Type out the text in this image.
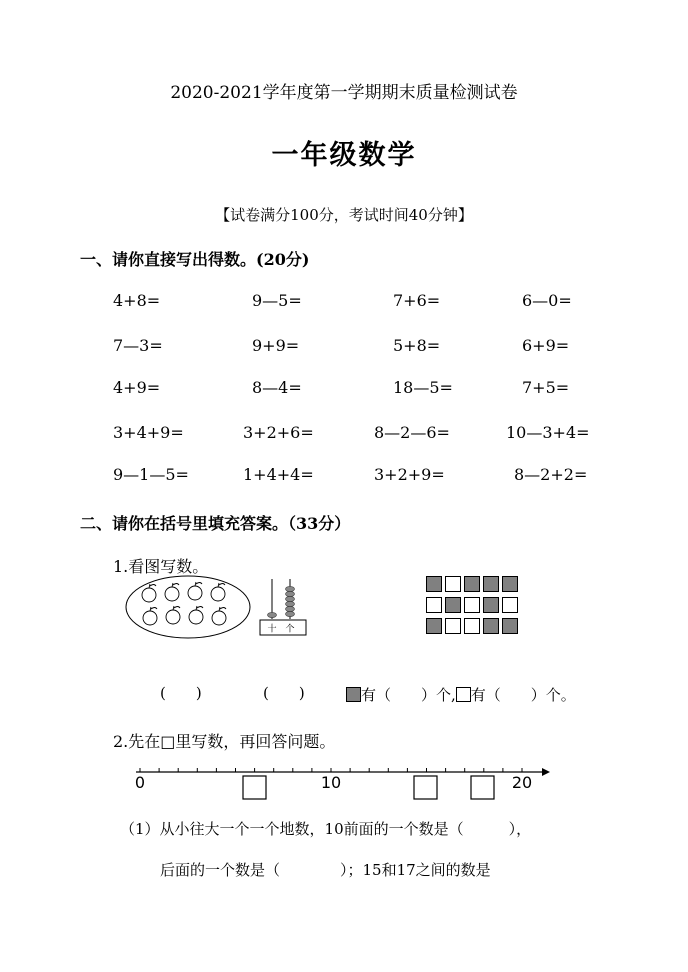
2020-2021学年度第一学期期末质量检测试卷
一年级数学
【试卷满分100分，考试时间40分钟】
一、请你直接写出得数。(20分)
4+8=	9—5=	7+6=	6—0=
7—3=	9+9=	5+8=	6+9=
4+9=	8—4=	18—5=	7+5=
3+4+9=	3+2+6=	8—2—6=	10—3+4=
9—1—5=	1+4+4=	3+2+9=	8—2+2=
二、请你在括号里填充答案。（33分）
1.看图写数。
十 个
(  )	(  )	有（  ）个, 有（  ）个。
2.先在□里写数，再回答问题。
0	10	20
（1）从小往大一个一个地数，10前面的一个数是（   ），
后面的一个数是（    ）；15和17之间的数是
